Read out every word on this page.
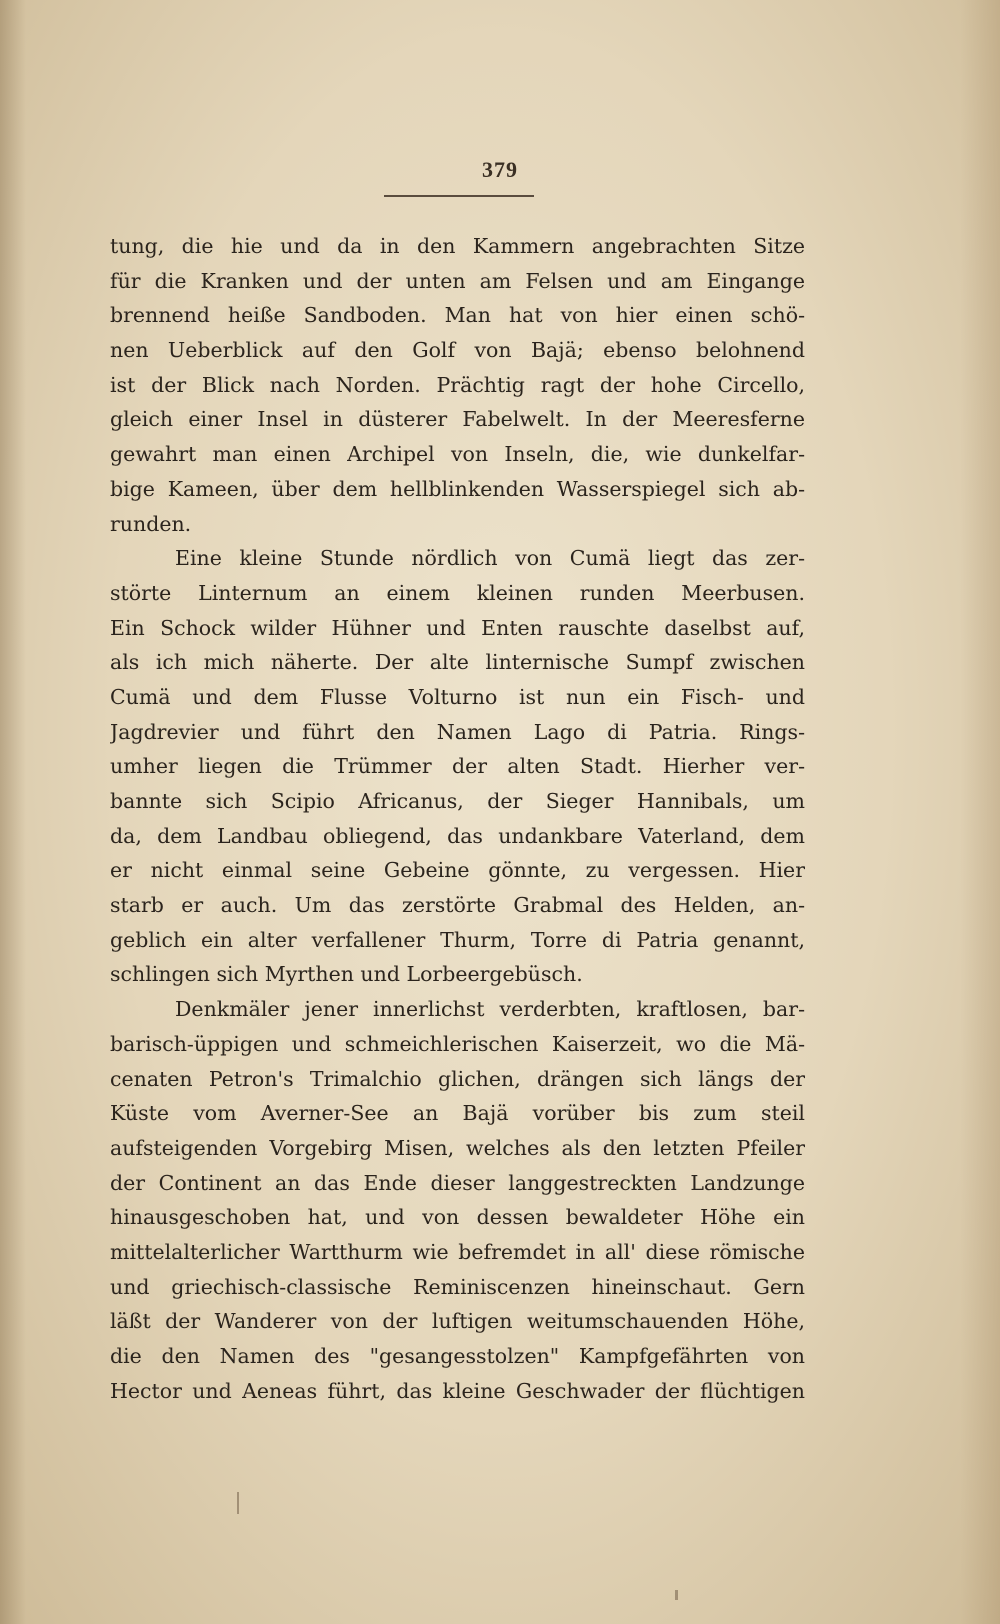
379
tung, die hie und da in den Kammern angebrachten Sitze
für die Kranken und der unten am Felsen und am Eingange
brennend heiße Sandboden. Man hat von hier einen schö-
nen Ueberblick auf den Golf von Bajä; ebenso belohnend
ist der Blick nach Norden. Prächtig ragt der hohe Circello,
gleich einer Insel in düsterer Fabelwelt. In der Meeresferne
gewahrt man einen Archipel von Inseln, die, wie dunkelfar-
bige Kameen, über dem hellblinkenden Wasserspiegel sich ab-
runden.
Eine kleine Stunde nördlich von Cumä liegt das zer-
störte Linternum an einem kleinen runden Meerbusen.
Ein Schock wilder Hühner und Enten rauschte daselbst auf,
als ich mich näherte. Der alte linternische Sumpf zwischen
Cumä und dem Flusse Volturno ist nun ein Fisch- und
Jagdrevier und führt den Namen Lago di Patria. Rings-
umher liegen die Trümmer der alten Stadt. Hierher ver-
bannte sich Scipio Africanus, der Sieger Hannibals, um
da, dem Landbau obliegend, das undankbare Vaterland, dem
er nicht einmal seine Gebeine gönnte, zu vergessen. Hier
starb er auch. Um das zerstörte Grabmal des Helden, an-
geblich ein alter verfallener Thurm, Torre di Patria genannt,
schlingen sich Myrthen und Lorbeergebüsch.
Denkmäler jener innerlichst verderbten, kraftlosen, bar-
barisch-üppigen und schmeichlerischen Kaiserzeit, wo die Mä-
cenaten Petron's Trimalchio glichen, drängen sich längs der
Küste vom Averner-See an Bajä vorüber bis zum steil
aufsteigenden Vorgebirg Misen, welches als den letzten Pfeiler
der Continent an das Ende dieser langgestreckten Landzunge
hinausgeschoben hat, und von dessen bewaldeter Höhe ein
mittelalterlicher Wartthurm wie befremdet in all' diese römische
und griechisch-classische Reminiscenzen hineinschaut. Gern
läßt der Wanderer von der luftigen weitumschauenden Höhe,
die den Namen des "gesangesstolzen" Kampfgefährten von
Hector und Aeneas führt, das kleine Geschwader der flüchtigen
